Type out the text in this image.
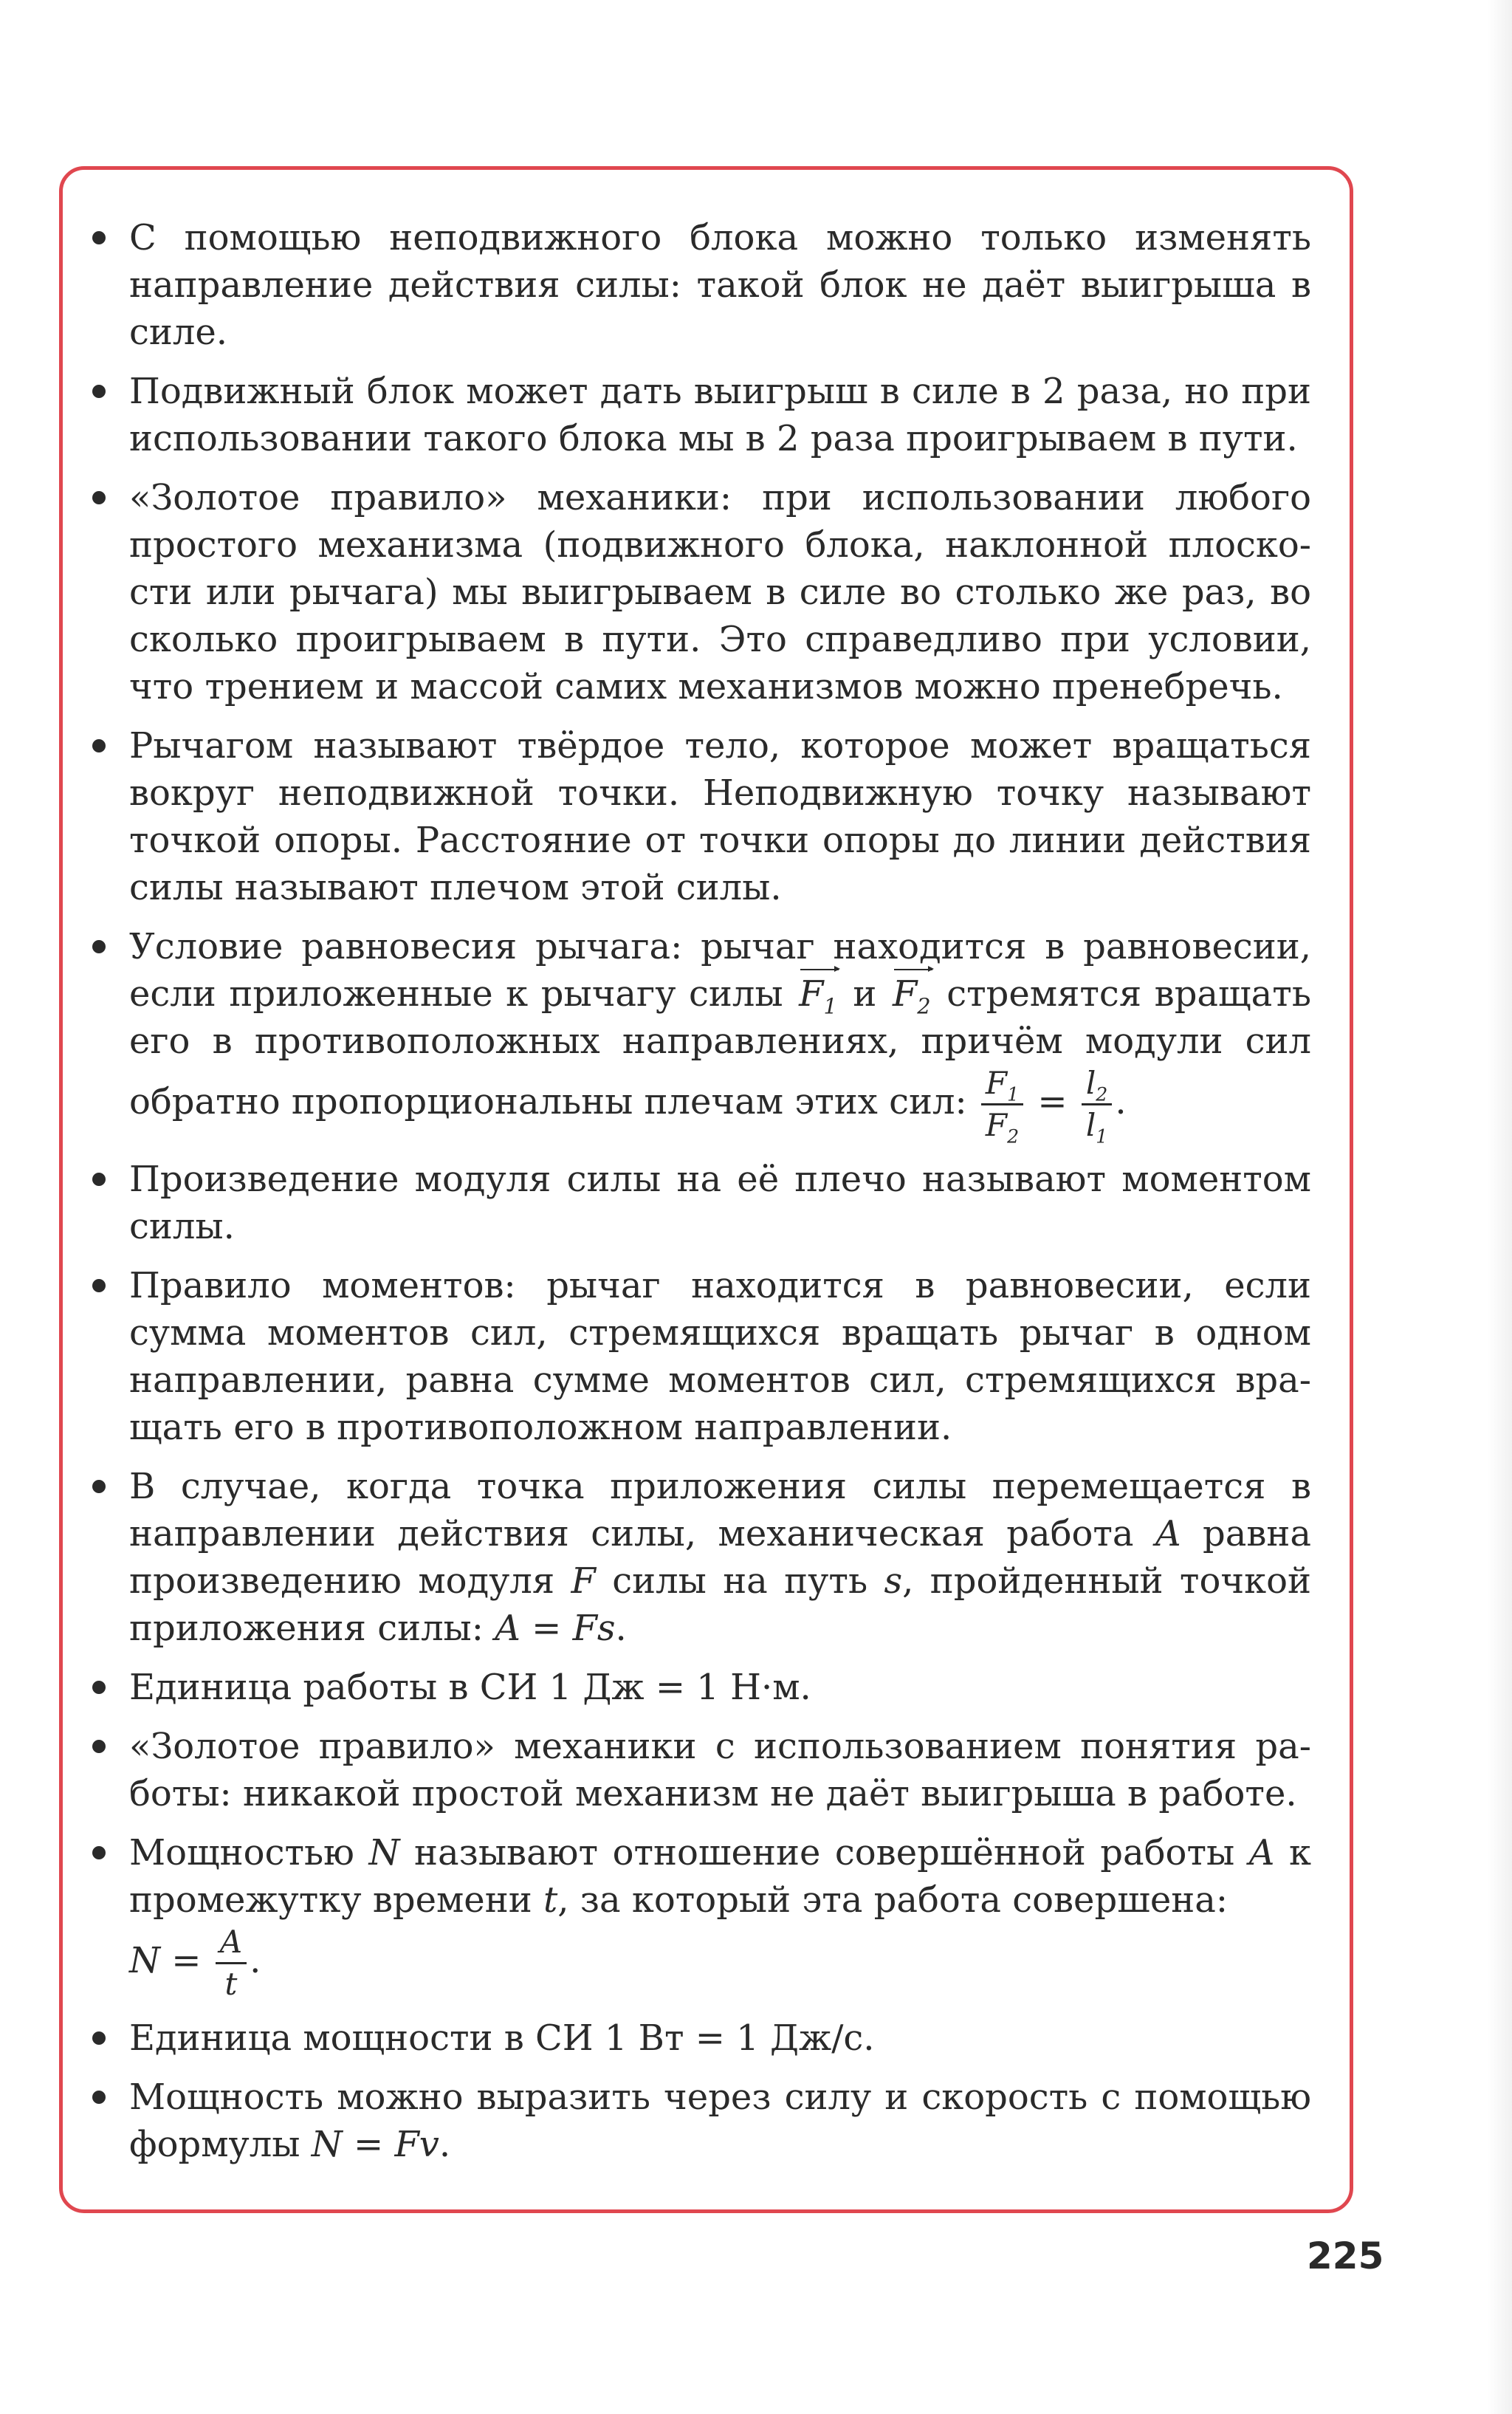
С помощью неподвижного блока можно только изменять направление действия силы: такой блок не даёт выигрыша в силе.
Подвижный блок может дать выигрыш в силе в 2 раза, но при использовании такого блока мы в 2 раза проигрываем в пути.
«Золотое правило» механики: при использовании любого простого механизма (подвижного блока, наклонной плоскости или рычага) мы выигрываем в силе во столько же раз, во сколько проигрываем в пути. Это справедливо при условии, что трением и массой самих механизмов можно пренебречь.
Рычагом называют твёрдое тело, которое может вращаться вокруг неподвижной точки. Неподвижную точку называют точкой опоры. Расстояние от точки опоры до линии действия силы называют плечом этой силы.
Условие равновесия рычага: рычаг находится в равновесии, если приложенные к рычагу силы $F_1$ и $F_2$ стремятся вращать его в противоположных направлениях, причём модули сил обратно пропорциональны плечам этих сил: $\frac{F_1}{F_2} = \frac{l_2}{l_1}$ .
Произведение модуля силы на её плечо называют моментом силы.
Правило моментов: рычаг находится в равновесии, если сумма моментов сил, стремящихся вращать рычаг в одном направлении, равна сумме моментов сил, стремящихся вращать его в противоположном направлении.
В случае, когда точка приложения силы перемещается в направлении действия силы, механическая работа A равна произведению модуля F силы на путь s, пройденный точкой приложения силы: A = Fs.
Единица работы в СИ 1 Дж = 1 Н·м.
«Золотое правило» механики с использованием понятия работы: никакой простой механизм не даёт выигрыша в работе.
Мощностью N называют отношение совершённой работы A к промежутку времени t, за который эта работа совершена:
$N = \frac{A}{t}$ .
Единица мощности в СИ 1 Вт = 1 Дж/с.
Мощность можно выразить через силу и скорость с помощью формулы N = Fv.
225
